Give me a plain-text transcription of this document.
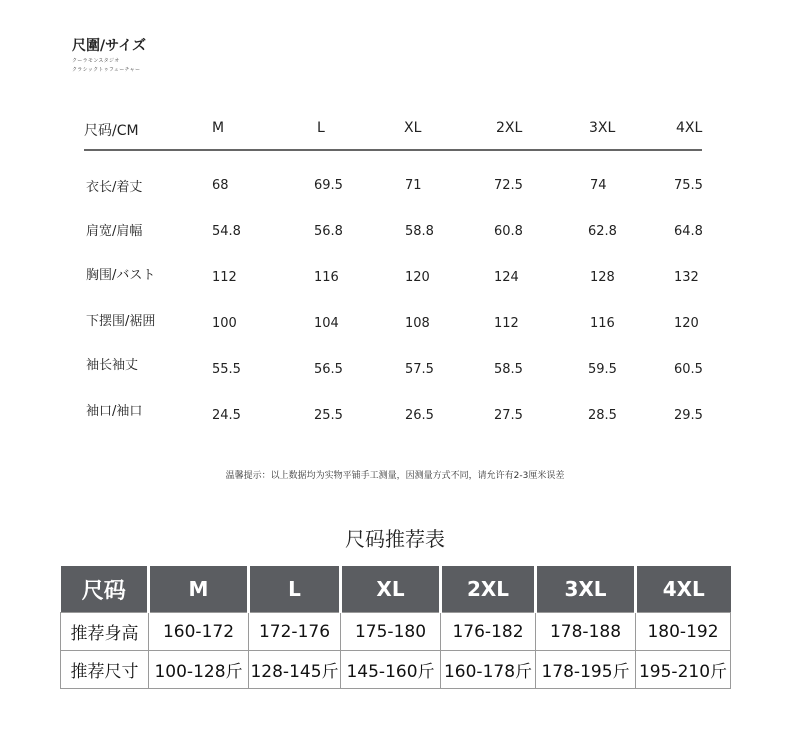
尺圍/サイズ
クーラモンスタジオ
クラシックトゥフューチャー
尺码/CM	M	L	XL	2XL	3XL	4XL
衣长/着丈	68	69.5	71	72.5	74	75.5
肩宽/肩幅	54.8	56.8	58.8	60.8	62.8	64.8
胸围/バスト	112	116	120	124	128	132
下摆围/裾囲	100	104	108	112	116	120
袖长袖丈	55.5	56.5	57.5	58.5	59.5	60.5
袖口/袖口	24.5	25.5	26.5	27.5	28.5	29.5
温馨提示：以上数据均为实物平铺手工测量，因测量方式不同，请允许有2-3厘米误差
尺码推荐表
尺码	M	L	XL	2XL	3XL	4XL
推荐身高	160-172	172-176	175-180	176-182	178-188	180-192
推荐尺寸	100-128斤	128-145斤	145-160斤	160-178斤	178-195斤	195-210斤
